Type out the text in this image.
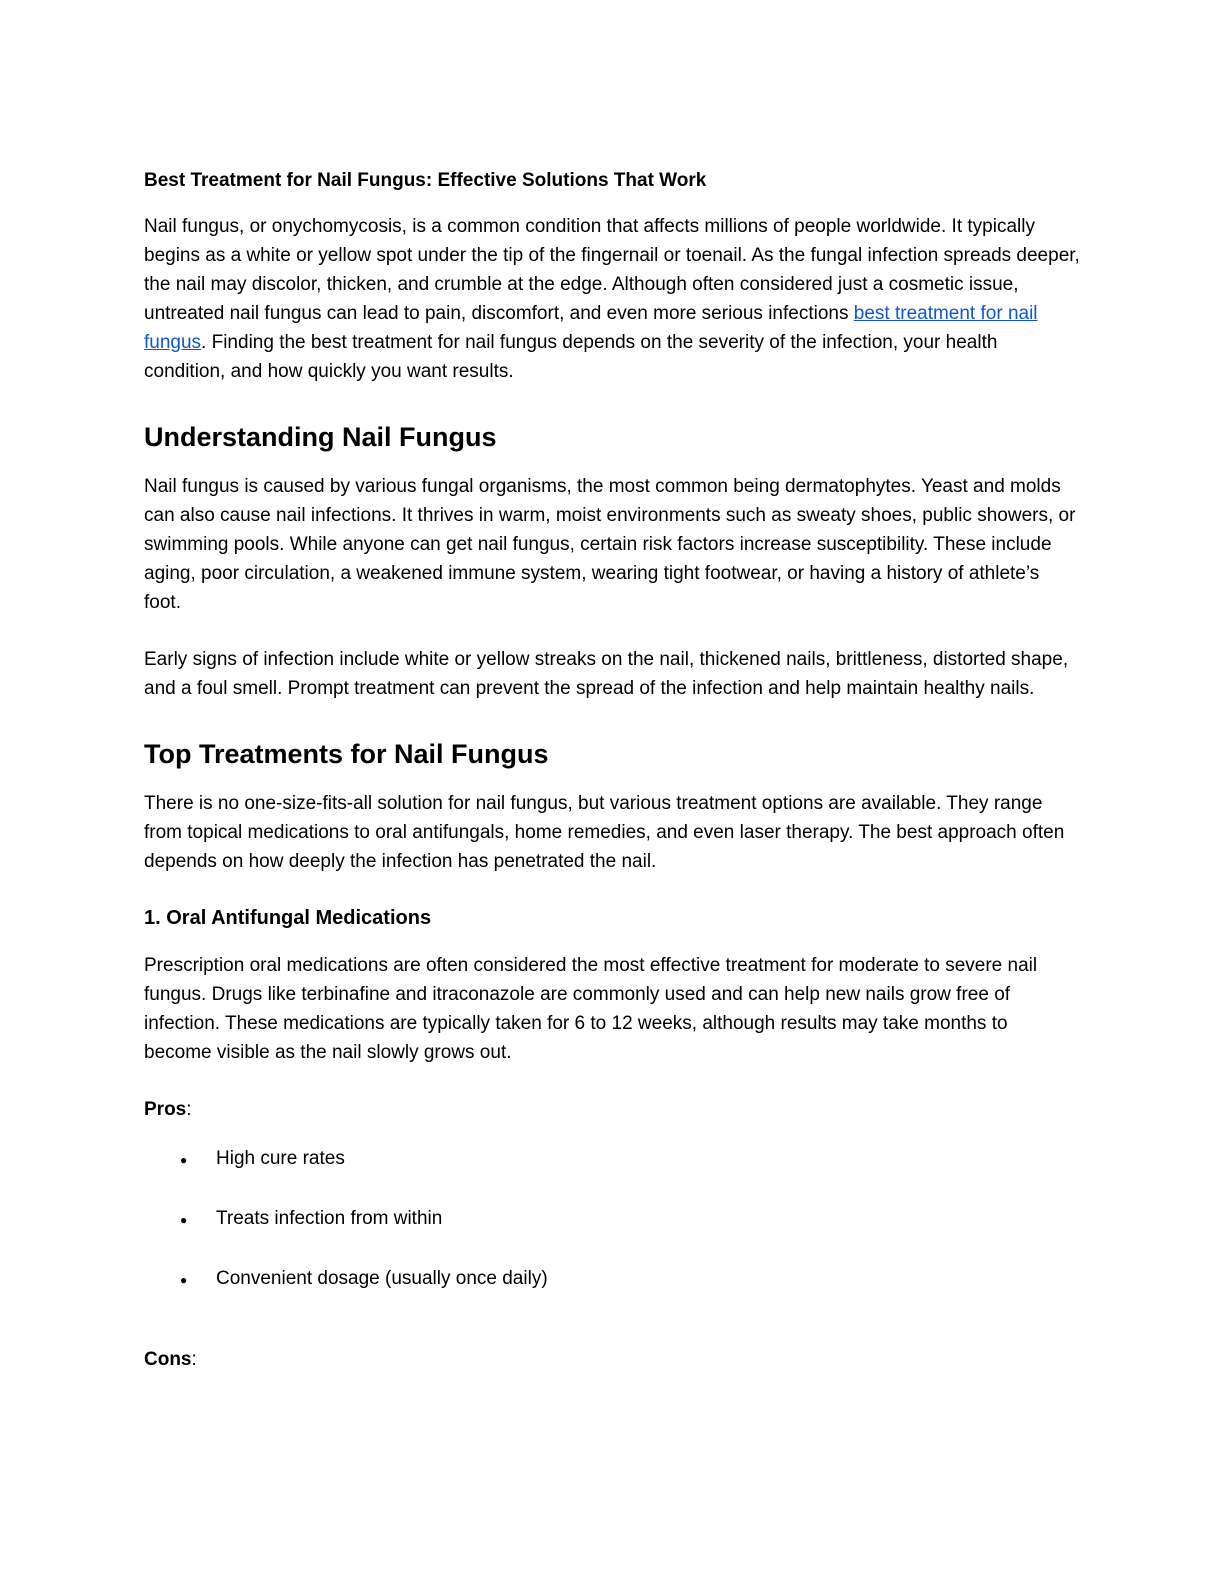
Best Treatment for Nail Fungus: Effective Solutions That Work

Nail fungus, or onychomycosis, is a common condition that affects millions of people worldwide. It typically begins as a white or yellow spot under the tip of the fingernail or toenail. As the fungal infection spreads deeper, the nail may discolor, thicken, and crumble at the edge. Although often considered just a cosmetic issue, untreated nail fungus can lead to pain, discomfort, and even more serious infections best treatment for nail fungus. Finding the best treatment for nail fungus depends on the severity of the infection, your health condition, and how quickly you want results.

Understanding Nail Fungus

Nail fungus is caused by various fungal organisms, the most common being dermatophytes. Yeast and molds can also cause nail infections. It thrives in warm, moist environments such as sweaty shoes, public showers, or swimming pools. While anyone can get nail fungus, certain risk factors increase susceptibility. These include aging, poor circulation, a weakened immune system, wearing tight footwear, or having a history of athlete’s foot.

Early signs of infection include white or yellow streaks on the nail, thickened nails, brittleness, distorted shape, and a foul smell. Prompt treatment can prevent the spread of the infection and help maintain healthy nails.

Top Treatments for Nail Fungus

There is no one-size-fits-all solution for nail fungus, but various treatment options are available. They range from topical medications to oral antifungals, home remedies, and even laser therapy. The best approach often depends on how deeply the infection has penetrated the nail.

1. Oral Antifungal Medications

Prescription oral medications are often considered the most effective treatment for moderate to severe nail fungus. Drugs like terbinafine and itraconazole are commonly used and can help new nails grow free of infection. These medications are typically taken for 6 to 12 weeks, although results may take months to become visible as the nail slowly grows out.

Pros:
●	High cure rates
●	Treats infection from within
●	Convenient dosage (usually once daily)
Cons:
